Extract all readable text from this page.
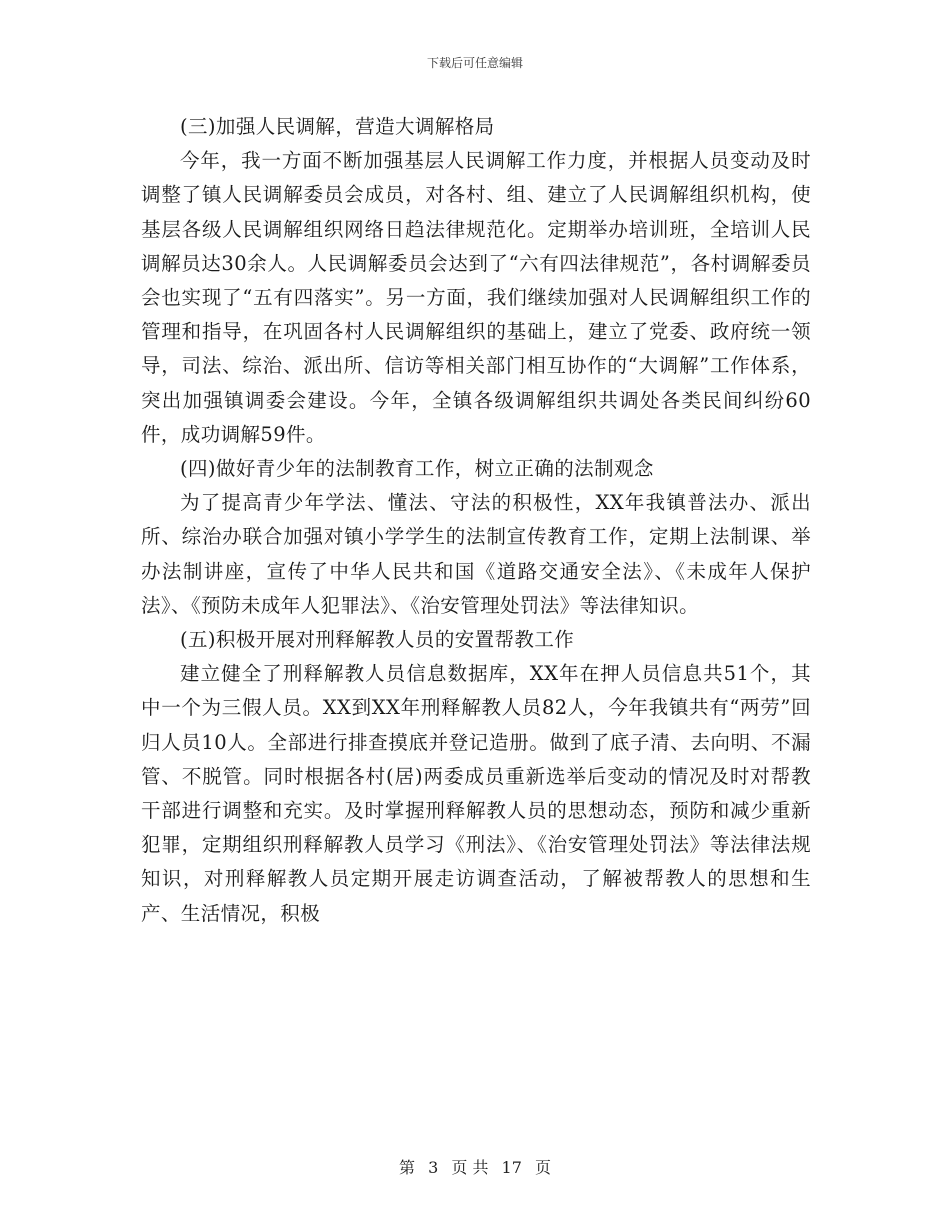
下载后可任意编辑

(三)加强人民调解，营造大调解格局

今年，我一方面不断加强基层人民调解工作力度，并根据人员变动及时调整了镇人民调解委员会成员，对各村、组、建立了人民调解组织机构，使基层各级人民调解组织网络日趋法律规范化。定期举办培训班，全培训人民调解员达30余人。人民调解委员会达到了“六有四法律规范”，各村调解委员会也实现了“五有四落实”。另一方面，我们继续加强对人民调解组织工作的管理和指导，在巩固各村人民调解组织的基础上，建立了党委、政府统一领导，司法、综治、派出所、信访等相关部门相互协作的“大调解”工作体系，突出加强镇调委会建设。今年，全镇各级调解组织共调处各类民间纠纷60件，成功调解59件。

(四)做好青少年的法制教育工作，树立正确的法制观念

为了提高青少年学法、懂法、守法的积极性，XX年我镇普法办、派出所、综治办联合加强对镇小学学生的法制宣传教育工作，定期上法制课、举办法制讲座，宣传了中华人民共和国《道路交通安全法》、《未成年人保护法》、《预防未成年人犯罪法》、《治安管理处罚法》等法律知识。

(五)积极开展对刑释解教人员的安置帮教工作

建立健全了刑释解教人员信息数据库，XX年在押人员信息共51个，其中一个为三假人员。XX到XX年刑释解教人员82人，今年我镇共有“两劳”回归人员10人。全部进行排查摸底并登记造册。做到了底子清、去向明、不漏管、不脱管。同时根据各村(居)两委成员重新选举后变动的情况及时对帮教干部进行调整和充实。及时掌握刑释解教人员的思想动态，预防和减少重新犯罪，定期组织刑释解教人员学习《刑法》、《治安管理处罚法》等法律法规知识，对刑释解教人员定期开展走访调查活动，了解被帮教人的思想和生产、生活情况，积极

第 3 页 共 17 页
